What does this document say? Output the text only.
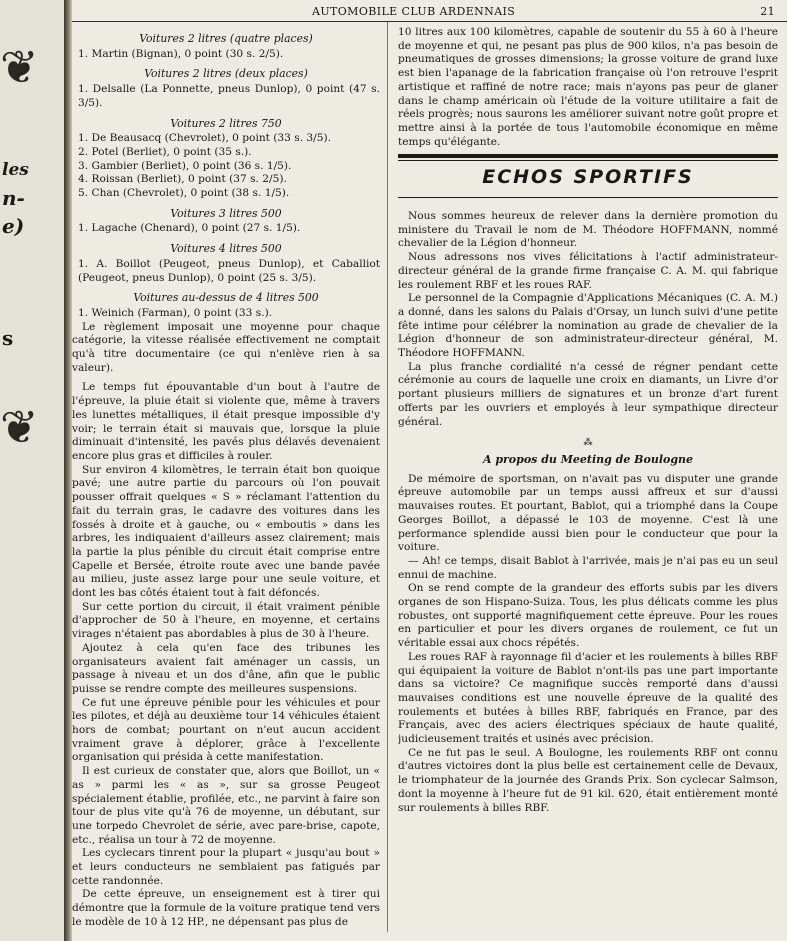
❦
les
n-
e)
s
❦
AUTOMOBILE CLUB ARDENNAIS	21
Voitures 2 litres (quatre places)

1. Martin (Bignan), 0 point (30 s. 2/5).

Voitures 2 litres (deux places)

1. Delsalle (La Ponnette, pneus Dunlop), 0 point (47 s. 3/5).

Voitures 2 litres 750

1. De Beausacq (Chevrolet), 0 point (33 s. 3/5).

2. Potel (Berliet), 0 point (35 s.).

3. Gambier (Berliet), 0 point (36 s. 1/5).

4. Roissan (Berliet), 0 point (37 s. 2/5).

5. Chan (Chevrolet), 0 point (38 s. 1/5).

Voitures 3 litres 500

1. Lagache (Chenard), 0 point (27 s. 1/5).

Voitures 4 litres 500

1. A. Boillot (Peugeot, pneus Dunlop), et Caballiot (Peugeot, pneus Dunlop), 0 point (25 s. 3/5).

Voitures au-dessus de 4 litres 500

1. Weinich (Farman), 0 point (33 s.).

Le règlement imposait une moyenne pour chaque catégorie, la vitesse réalisée effectivement ne comptait qu'à titre documentaire (ce qui n'enlève rien à sa valeur).

Le temps fut épouvantable d'un bout à l'autre de l'épreuve, la pluie était si violente que, même à travers les lunettes métalliques, il était presque impossible d'y voir; le terrain était si mauvais que, lorsque la pluie diminuait d'intensité, les pavés plus délavés devenaient encore plus gras et difficiles à rouler.

Sur environ 4 kilomètres, le terrain était bon quoique pavé; une autre partie du parcours où l'on pouvait pousser offrait quelques « S » réclamant l'attention du fait du terrain gras, le cadavre des voitures dans les fossés à droite et à gauche, ou « emboutis » dans les arbres, les indiquaient d'ailleurs assez clairement; mais la partie la plus pénible du circuit était comprise entre Capelle et Bersée, étroite route avec une bande pavée au milieu, juste assez large pour une seule voiture, et dont les bas côtés étaient tout à fait défoncés.

Sur cette portion du circuit, il était vraiment pénible d'approcher de 50 à l'heure, en moyenne, et certains virages n'étaient pas abordables à plus de 30 à l'heure.

Ajoutez à cela qu'en face des tribunes les organisateurs avaient fait aménager un cassis, un passage à niveau et un dos d'âne, afin que le public puisse se rendre compte des meilleures suspensions.

Ce fut une épreuve pénible pour les véhicules et pour les pilotes, et déjà au deuxième tour 14 véhicules étaient hors de combat; pourtant on n'eut aucun accident vraiment grave à déplorer, grâce à l'excellente organisation qui présida à cette manifestation.

Il est curieux de constater que, alors que Boillot, un « as » parmi les « as », sur sa grosse Peugeot spécialement établie, profilée, etc., ne parvint à faire son tour de plus vite qu'à 76 de moyenne, un débutant, sur une torpedo Chevrolet de série, avec pare-brise, capote, etc., réalisa un tour à 72 de moyenne.

Les cyclecars tinrent pour la plupart « jusqu'au bout » et leurs conducteurs ne semblaient pas fatigués par cette randonnée.

De cette épreuve, un enseignement est à tirer qui démontre que la formule de la voiture pratique tend vers le modèle de 10 à 12 HP., ne dépensant pas plus de

10 litres aux 100 kilomètres, capable de soutenir du 55 à 60 à l'heure de moyenne et qui, ne pesant pas plus de 900 kilos, n'a pas besoin de pneumatiques de grosses dimensions; la grosse voiture de grand luxe est bien l'apanage de la fabrication française où l'on retrouve l'esprit artistique et raffiné de notre race; mais n'ayons pas peur de glaner dans le champ américain où l'étude de la voiture utilitaire a fait de réels progrès; nous saurons les améliorer suivant notre goût propre et mettre ainsi à la portée de tous l'automobile économique en même temps qu'élégante.

ECHOS SPORTIFS

Nous sommes heureux de relever dans la dernière promotion du ministere du Travail le nom de M. Théodore HOFFMANN, nommé chevalier de la Légion d'honneur.

Nous adressons nos vives félicitations à l'actif administrateur-directeur général de la grande firme française C. A. M. qui fabrique les roulement RBF et les roues RAF.

Le personnel de la Compagnie d'Applications Mécaniques (C. A. M.) a donné, dans les salons du Palais d'Orsay, un lunch suivi d'une petite fête intime pour célébrer la nomination au grade de chevalier de la Légion d'honneur de son administrateur-directeur général, M. Théodore HOFFMANN.

La plus franche cordialité n'a cessé de régner pendant cette cérémonie au cours de laquelle une croix en diamants, un Livre d'or portant plusieurs milliers de signatures et un bronze d'art furent offerts par les ouvriers et employés à leur sympathique directeur général.

⁂
A propos du Meeting de Boulogne

De mémoire de sportsman, on n'avait pas vu disputer une grande épreuve automobile par un temps aussi affreux et sur d'aussi mauvaises routes. Et pourtant, Bablot, qui a triomphé dans la Coupe Georges Boillot, a dépassé le 103 de moyenne. C'est là une performance splendide aussi bien pour le conducteur que pour la voiture.

— Ah! ce temps, disait Bablot à l'arrivée, mais je n'ai pas eu un seul ennui de machine.

On se rend compte de la grandeur des efforts subis par les divers organes de son Hispano-Suiza. Tous, les plus délicats comme les plus robustes, ont supporté magnifiquement cette épreuve. Pour les roues en particulier et pour les divers organes de roulement, ce fut un véritable essai aux chocs répétés.

Les roues RAF à rayonnage fil d'acier et les roulements à billes RBF qui équipaient la voiture de Bablot n'ont-ils pas une part importante dans sa victoire? Ce magnifique succès remporté dans d'aussi mauvaises conditions est une nouvelle épreuve de la qualité des roulements et butées à billes RBF, fabriqués en France, par des Français, avec des aciers électriques spéciaux de haute qualité, judicieusement traités et usinés avec précision.

Ce ne fut pas le seul. A Boulogne, les roulements RBF ont connu d'autres victoires dont la plus belle est certainement celle de Devaux, le triomphateur de la journée des Grands Prix. Son cyclecar Salmson, dont la moyenne à l'heure fut de 91 kil. 620, était entièrement monté sur roulements à billes RBF.
